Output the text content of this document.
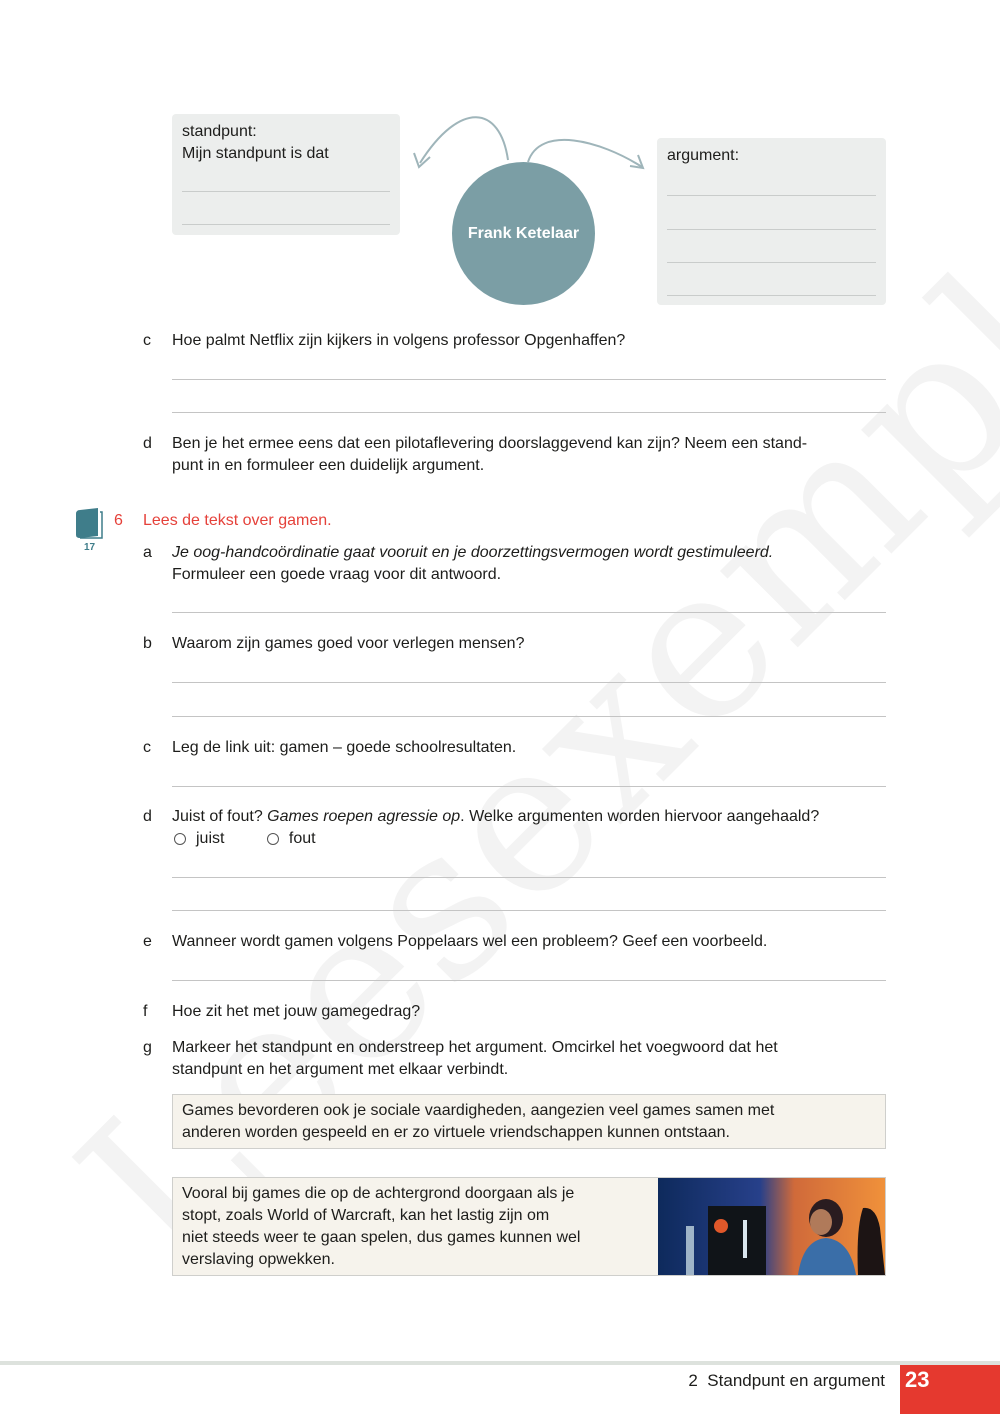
standpunt:
Mijn standpunt is dat
Frank Ketelaar
argument:
c Hoe palmt Netflix zijn kijkers in volgens professor Opgenhaffen?
d Ben je het ermee eens dat een pilotaflevering doorslaggevend kan zijn? Neem een stand-
punt in en formuleer een duidelijk argument.
17
6 Lees de tekst over gamen.
a Je oog-handcoördinatie gaat vooruit en je doorzettingsvermogen wordt gestimuleerd.
Formuleer een goede vraag voor dit antwoord.
b Waarom zijn games goed voor verlegen mensen?
c Leg de link uit: gamen – goede schoolresultaten.
d Juist of fout? Games roepen agressie op. Welke argumenten worden hiervoor aangehaald?
juist
	fout
e Wanneer wordt gamen volgens Poppelaars wel een probleem? Geef een voorbeeld.
f Hoe zit het met jouw gamegedrag?
g Markeer het standpunt en onderstreep het argument. Omcirkel het voegwoord dat het
standpunt en het argument met elkaar verbindt.
Games bevorderen ook je sociale vaardigheden, aangezien veel games samen met
anderen worden gespeeld en er zo virtuele vriendschappen kunnen ontstaan.
Vooral bij games die op de achtergrond doorgaan als je
stopt, zoals World of Warcraft, kan het lastig zijn om
niet steeds weer te gaan spelen, dus games kunnen wel
verslaving opwekken.
2  Standpunt en argument 23
